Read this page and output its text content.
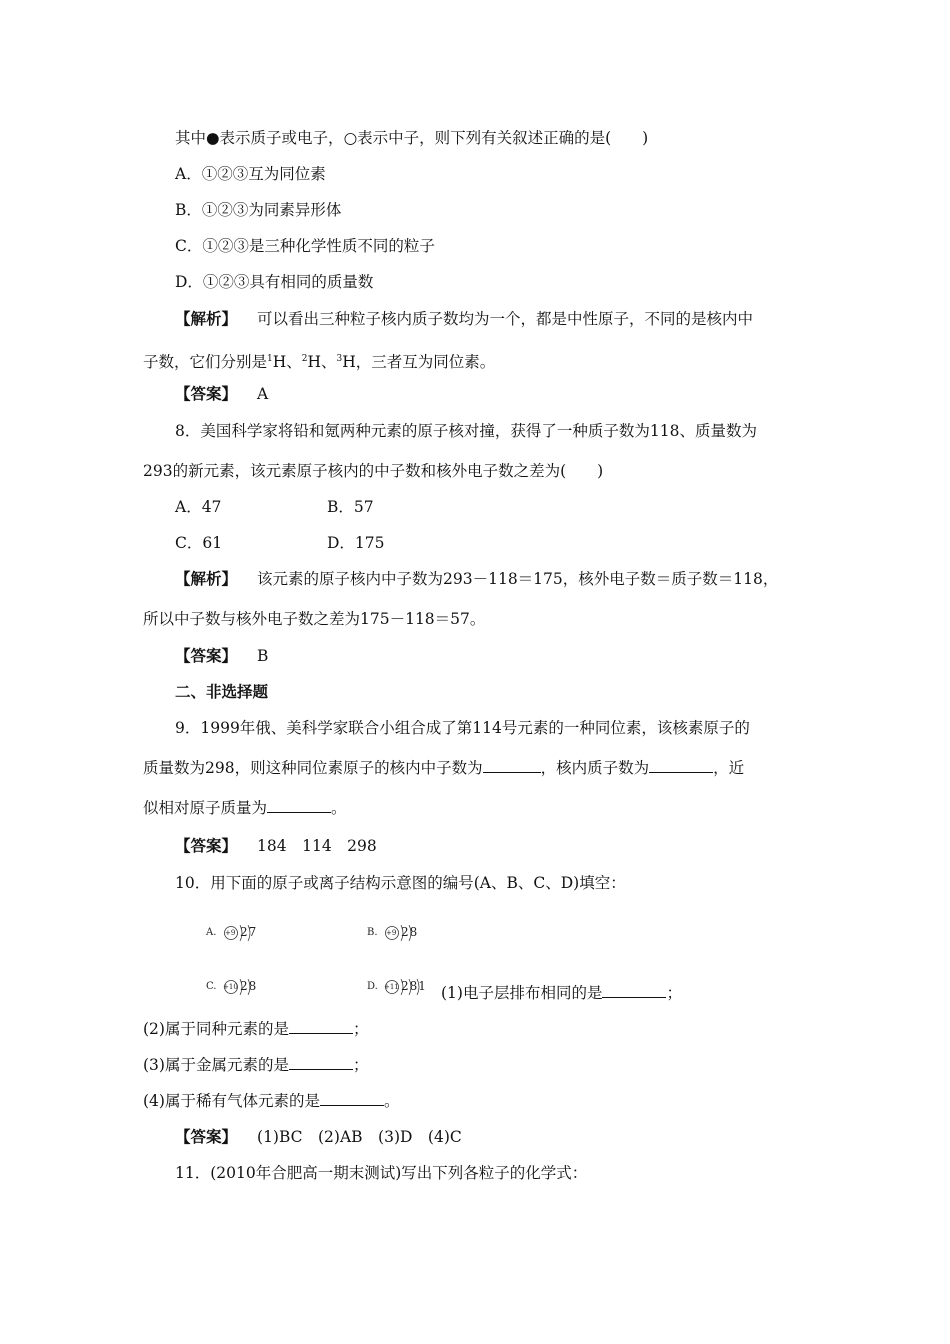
其中●表示质子或电子，○表示中子，则下列有关叙述正确的是(　　)
A．①②③互为同位素
B．①②③为同素异形体
C．①②③是三种化学性质不同的粒子
D．①②③具有相同的质量数
【解析】 可以看出三种粒子核内质子数均为一个，都是中性原子，不同的是核内中
子数，它们分别是$^1$H、$^2$H、$^3$H，三者互为同位素。
【答案】 A
8．美国科学家将铅和氪两种元素的原子核对撞，获得了一种质子数为118、质量数为
293的新元素，该元素原子核内的中子数和核外电子数之差为(　　)
A．47	B．57
C．61	D．175
【解析】 该元素的原子核内中子数为293－118＝175，核外电子数＝质子数＝118，
所以中子数与核外电子数之差为175－118＝57。
【答案】 B
二、非选择题
9．1999年俄、美科学家联合小组合成了第114号元素的一种同位素，该核素原子的
质量数为298，则这种同位素原子的核内中子数为	，核内质子数为	，近
似相对原子质量为	。
【答案】 184　114　298
10．用下面的原子或离子结构示意图的编号(A、B、C、D)填空：
A. +9 27	B. +9 28
C. +10 28	D. +11 281 (1)电子层排布相同的是	；
(2)属于同种元素的是	；
(3)属于金属元素的是	；
(4)属于稀有气体元素的是	。
【答案】 (1)BC　(2)AB　(3)D　(4)C
11．(2010年合肥高一期末测试)写出下列各粒子的化学式：
